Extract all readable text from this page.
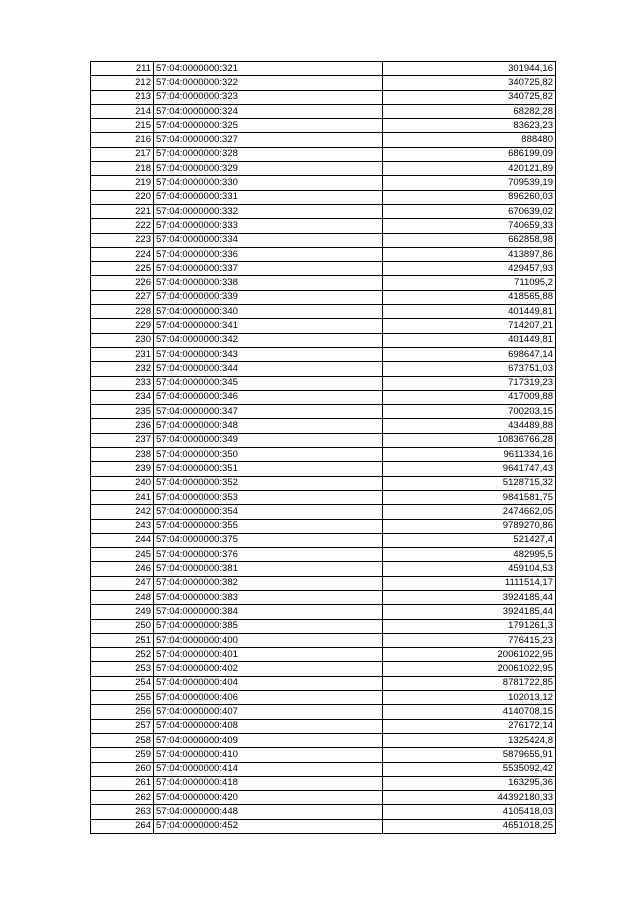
211	57:04:0000000:321	301944,16
212	57:04:0000000:322	340725,82
213	57:04:0000000:323	340725,82
214	57:04:0000000:324	68282,28
215	57:04:0000000:325	83623,23
216	57:04:0000000:327	888480
217	57:04:0000000:328	686199,09
218	57:04:0000000:329	420121,89
219	57:04:0000000:330	709539,19
220	57:04:0000000:331	896260,03
221	57:04:0000000:332	670639,02
222	57:04:0000000:333	740659,33
223	57:04:0000000:334	662858,98
224	57:04:0000000:336	413897,86
225	57:04:0000000:337	429457,93
226	57:04:0000000:338	711095,2
227	57:04:0000000:339	418565,88
228	57:04:0000000:340	401449,81
229	57:04:0000000:341	714207,21
230	57:04:0000000:342	401449,81
231	57:04:0000000:343	698647,14
232	57:04:0000000:344	673751,03
233	57:04:0000000:345	717319,23
234	57:04:0000000:346	417009,88
235	57:04:0000000:347	700203,15
236	57:04:0000000:348	434489,88
237	57:04:0000000:349	10836766,28
238	57:04:0000000:350	9611334,16
239	57:04:0000000:351	9641747,43
240	57:04:0000000:352	5128715,32
241	57:04:0000000:353	9841581,75
242	57:04:0000000:354	2474662,05
243	57:04:0000000:355	9789270,86
244	57:04:0000000:375	521427,4
245	57:04:0000000:376	482995,5
246	57:04:0000000:381	459104,53
247	57:04:0000000:382	1111514,17
248	57:04:0000000:383	3924185,44
249	57:04:0000000:384	3924185,44
250	57:04:0000000:385	1791261,3
251	57:04:0000000:400	776415,23
252	57:04:0000000:401	20061022,95
253	57:04:0000000:402	20061022,95
254	57:04:0000000:404	8781722,85
255	57:04:0000000:406	102013,12
256	57:04:0000000:407	4140708,15
257	57:04:0000000:408	276172,14
258	57:04:0000000:409	1325424,8
259	57:04:0000000:410	5879655,91
260	57:04:0000000:414	5535092,42
261	57:04:0000000:418	163295,36
262	57:04:0000000:420	44392180,33
263	57:04:0000000:448	4105418,03
264	57:04:0000000:452	4651018,25
